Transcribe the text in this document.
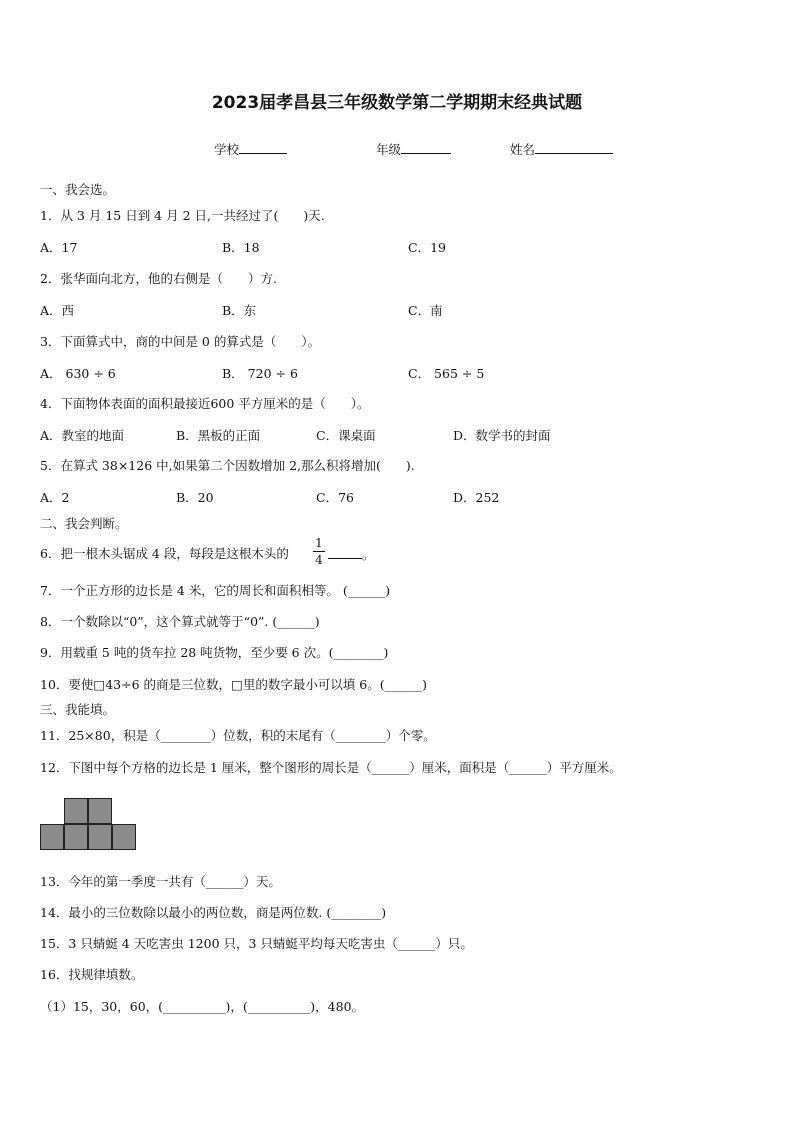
2023届孝昌县三年级数学第二学期期末经典试题
学校	年级	姓名
一、我会选。
1．从 3 月 15 日到 4 月 2 日,一共经过了(　　)天.
A．17	B．18	C．19
2．张华面向北方，他的右侧是（　　）方.
A．西	B．东	C．南
3．下面算式中，商的中间是 0 的算式是（　　）。
A． 630 ÷ 6	B． 720 ÷ 6	C． 565 ÷ 5
4．下面物体表面的面积最接近600 平方厘米的是（　　）。
A．教室的地面	B．黑板的正面	C．课桌面	D．数学书的封面
5．在算式 38×126 中,如果第二个因数增加 2,那么积将增加(　　).
A．2	B．20	C．76	D．252
二、我会判断。
6．把一根木头锯成 4 段，每段是这根木头的
1
4	。
7．一个正方形的边长是 4 米，它的周长和面积相等。 (______)
8．一个数除以“0”，这个算式就等于“0”. (______)
9．用载重 5 吨的货车拉 28 吨货物，至少要 6 次。(________)
10．要使□43÷6 的商是三位数，□里的数字最小可以填 6。(______)
三、我能填。
11．25×80，积是（________）位数，积的末尾有（________）个零。
12．下图中每个方格的边长是 1 厘米，整个图形的周长是（______）厘米，面积是（______）平方厘米。
13．今年的第一季度一共有（______）天。
14．最小的三位数除以最小的两位数，商是两位数. (________)
15．3 只蜻蜓 4 天吃害虫 1200 只，3 只蜻蜓平均每天吃害虫（______）只。
16．找规律填数。
（1）15，30，60，(__________)，(__________)，480。
